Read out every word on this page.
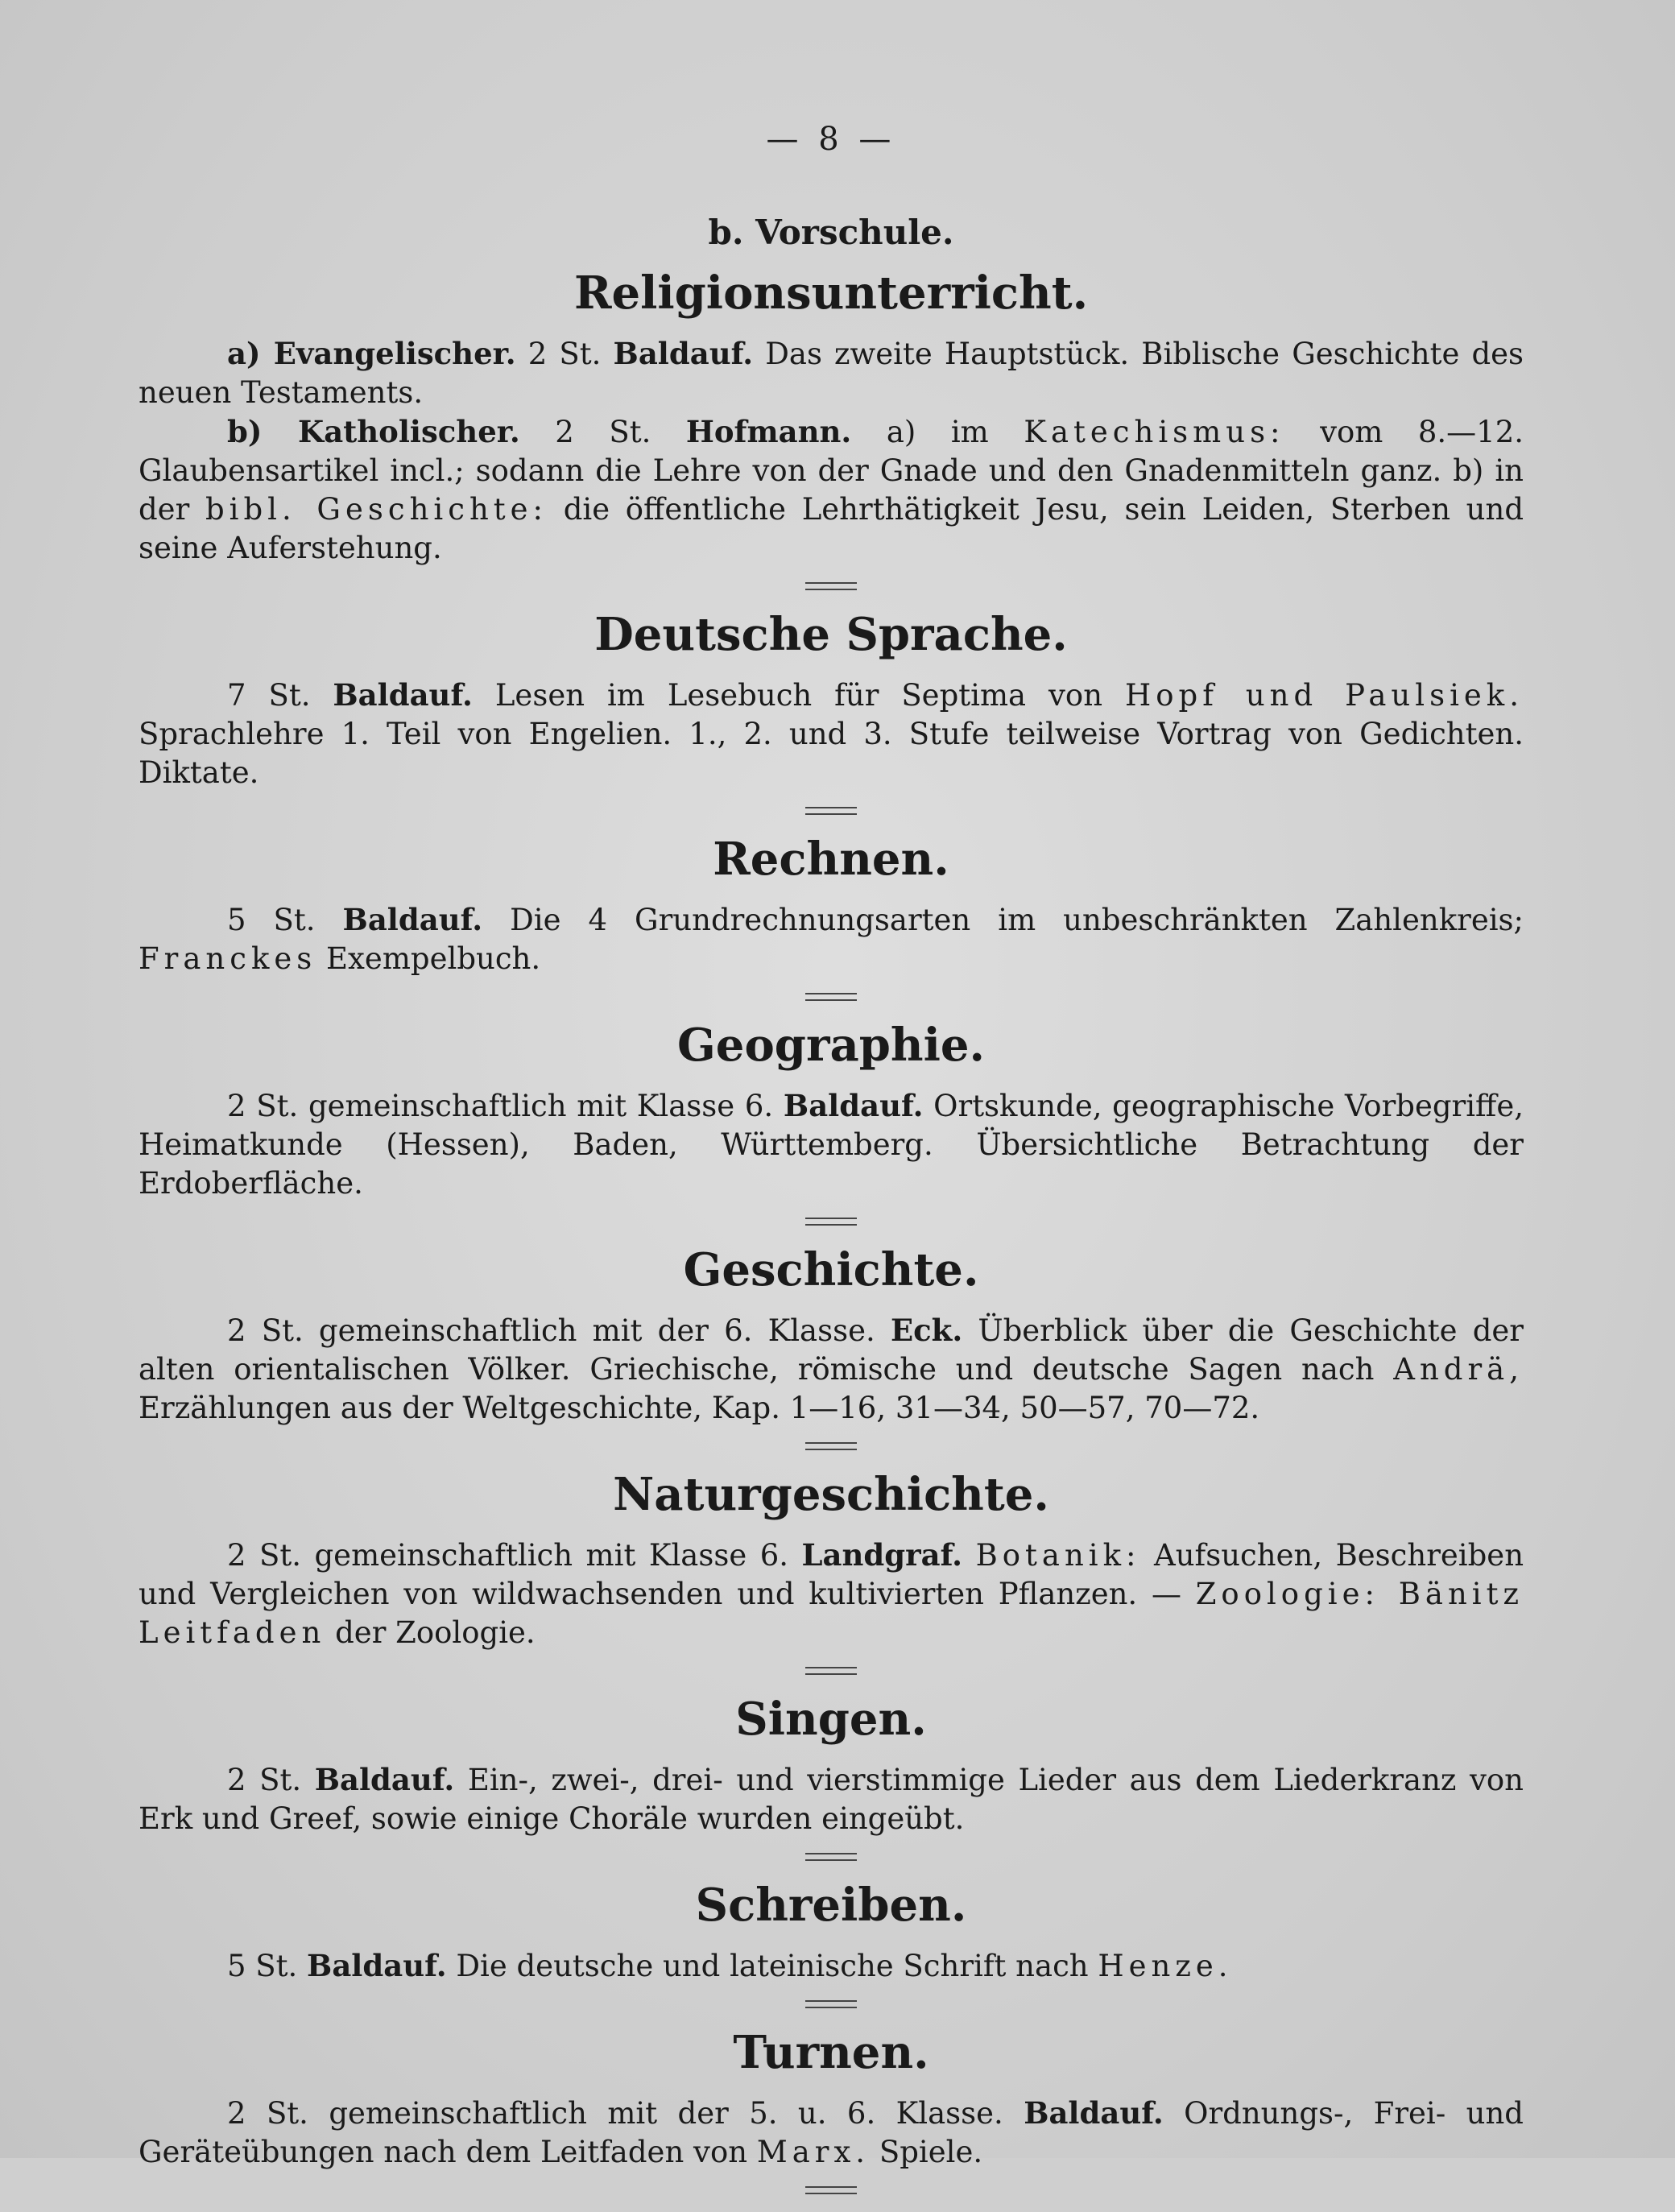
— 8 —
b. Vorschule.
Religionsunterricht.

a) Evangelischer. 2 St. Baldauf. Das zweite Hauptstück. Biblische Geschichte des neuen Testaments.

b) Katholischer. 2 St. Hofmann. a) im Katechismus: vom 8.—12. Glaubensartikel incl.; sodann die Lehre von der Gnade und den Gnadenmitteln ganz. b) in der bibl. Geschichte: die öffentliche Lehrthätigkeit Jesu, sein Leiden, Sterben und seine Auferstehung.

Deutsche Sprache.

7 St. Baldauf. Lesen im Lesebuch für Septima von Hopf und Paulsiek. Sprachlehre 1. Teil von Engelien. 1., 2. und 3. Stufe teilweise Vortrag von Gedichten. Diktate.

Rechnen.

5 St. Baldauf. Die 4 Grundrechnungsarten im unbeschränkten Zahlenkreis; Franckes Exempelbuch.

Geographie.

2 St. gemeinschaftlich mit Klasse 6. Baldauf. Ortskunde, geographische Vorbegriffe, Heimatkunde (Hessen), Baden, Württemberg. Übersichtliche Betrachtung der Erdoberfläche.

Geschichte.

2 St. gemeinschaftlich mit der 6. Klasse. Eck. Überblick über die Geschichte der alten orientalischen Völker. Griechische, römische und deutsche Sagen nach Andrä, Erzählungen aus der Weltgeschichte, Kap. 1—16, 31—34, 50—57, 70—72.

Naturgeschichte.

2 St. gemeinschaftlich mit Klasse 6. Landgraf. Botanik: Aufsuchen, Beschreiben und Vergleichen von wildwachsenden und kultivierten Pflanzen. — Zoologie: Bänitz Leitfaden der Zoologie.

Singen.

2 St. Baldauf. Ein-, zwei-, drei- und vierstimmige Lieder aus dem Liederkranz von Erk und Greef, sowie einige Choräle wurden eingeübt.

Schreiben.

5 St. Baldauf. Die deutsche und lateinische Schrift nach Henze.

Turnen.

2 St. gemeinschaftlich mit der 5. u. 6. Klasse. Baldauf. Ordnungs-, Frei- und Geräteübungen nach dem Leitfaden von Marx. Spiele.
